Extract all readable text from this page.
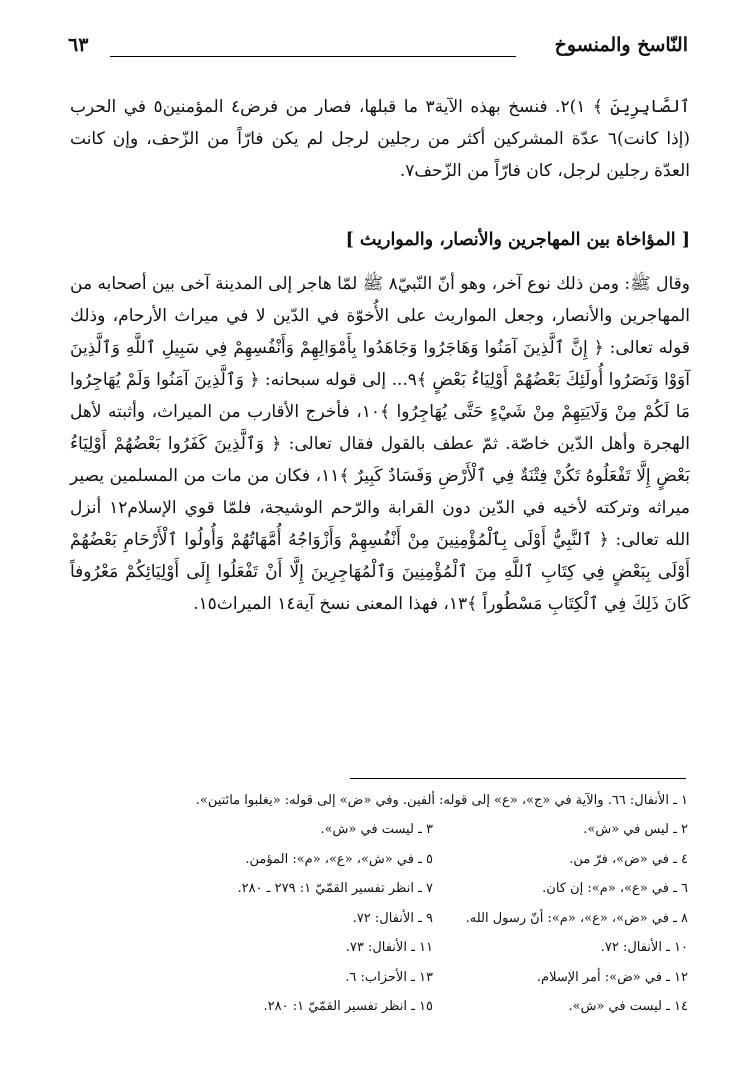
النّاسخ والمنسوخ
٦٣

ٱلصَّابِرِينَ ﴾ ١)٢. فنسخ بهذه الآية٣ ما قبلها، فصار من فرض٤ المؤمنين٥ في الحرب (إذا كانت)٦ عدّة المشركين أكثر من رجلين لرجل لم يكن فارّاً من الزّحف، وإن كانت العدّة رجلين لرجل، كان فارّاً من الزّحف٧.

[ المؤاخاة بين المهاجرين والأنصار، والمواريث ]

وقال ﷺ: ومن ذلك نوع آخر، وهو أنّ النّبيّ٨ ﷺ لمّا هاجر إلى المدينة آخى بين أصحابه من المهاجرين والأنصار، وجعل المواريث على الأُخوّة في الدّين لا في ميراث الأرحام، وذلك قوله تعالى: ﴿ إِنَّ ٱلَّذِينَ آمَنُوا وَهَاجَرُوا وَجَاهَدُوا بِأَمْوَالِهِمْ وَأَنْفُسِهِمْ فِي سَبِيلِ ٱللَّهِ وَٱلَّذِينَ آوَوْا وَنَصَرُوا أُولَئِكَ بَعْضُهُمْ أَوْلِيَاءُ بَعْضٍ ﴾٩... إلى قوله سبحانه: ﴿ وَٱلَّذِينَ آمَنُوا وَلَمْ يُهَاجِرُوا مَا لَكُمْ مِنْ وَلَايَتِهِمْ مِنْ شَيْءٍ حَتَّى يُهَاجِرُوا ﴾١٠، فأخرج الأقارب من الميراث، وأثبته لأهل الهجرة وأهل الدّين خاصّة. ثمّ عطف بالقول فقال تعالى: ﴿ وَٱلَّذِينَ كَفَرُوا بَعْضُهُمْ أَوْلِيَاءُ بَعْضٍ إِلَّا تَفْعَلُوهُ تَكُنْ فِتْنَةٌ فِي ٱلْأَرْضِ وَفَسَادٌ كَبِيرٌ ﴾١١، فكان من مات من المسلمين يصير ميراثه وتركته لأخيه في الدّين دون القرابة والرّحم الوشيجة، فلمّا قوي الإسلام١٢ أنزل الله تعالى: ﴿ ٱلنَّبِيُّ أَوْلَى بِٱلْمُؤْمِنِينَ مِنْ أَنْفُسِهِمْ وَأَزْوَاجُهُ أُمَّهَاتُهُمْ وَأُولُوا ٱلْأَرْحَامِ بَعْضُهُمْ أَوْلَى بِبَعْضٍ فِي كِتَابِ ٱللَّهِ مِنَ ٱلْمُؤْمِنِينَ وَٱلْمُهَاجِرِينَ إِلَّا أَنْ تَفْعَلُوا إِلَى أَوْلِيَائِكُمْ مَعْرُوفاً كَانَ ذَلِكَ فِي ٱلْكِتَابِ مَسْطُوراً ﴾١٣، فهذا المعنى نسخ آية١٤ الميراث١٥.

١ ـ الأنفال: ٦٦. والآية في «ج»، «ع» إلى قوله: ألفين. وفي «ض» إلى قوله: «يغلبوا مائتين».
٢ ـ ليس في «ش».
٣ ـ ليست في «ش».
٤ ـ في «ض»، فرّ من.
٥ ـ في «ش»، «ع»، «م»: المؤمن.
٦ ـ في «ع»، «م»: إن كان.
٧ ـ انظر تفسير القمّيّ ١: ٢٧٩ ـ ٢٨٠.
٨ ـ في «ض»، «ع»، «م»: أنّ رسول الله.
٩ ـ الأنفال: ٧٢.
١٠ ـ الأنفال: ٧٢.
١١ ـ الأنفال: ٧٣.
١٢ ـ في «ض»: أمر الإسلام.
١٣ ـ الأحزاب: ٦.
١٤ ـ ليست في «ش».
١٥ ـ انظر تفسير القمّيّ ١: ٢٨٠.
